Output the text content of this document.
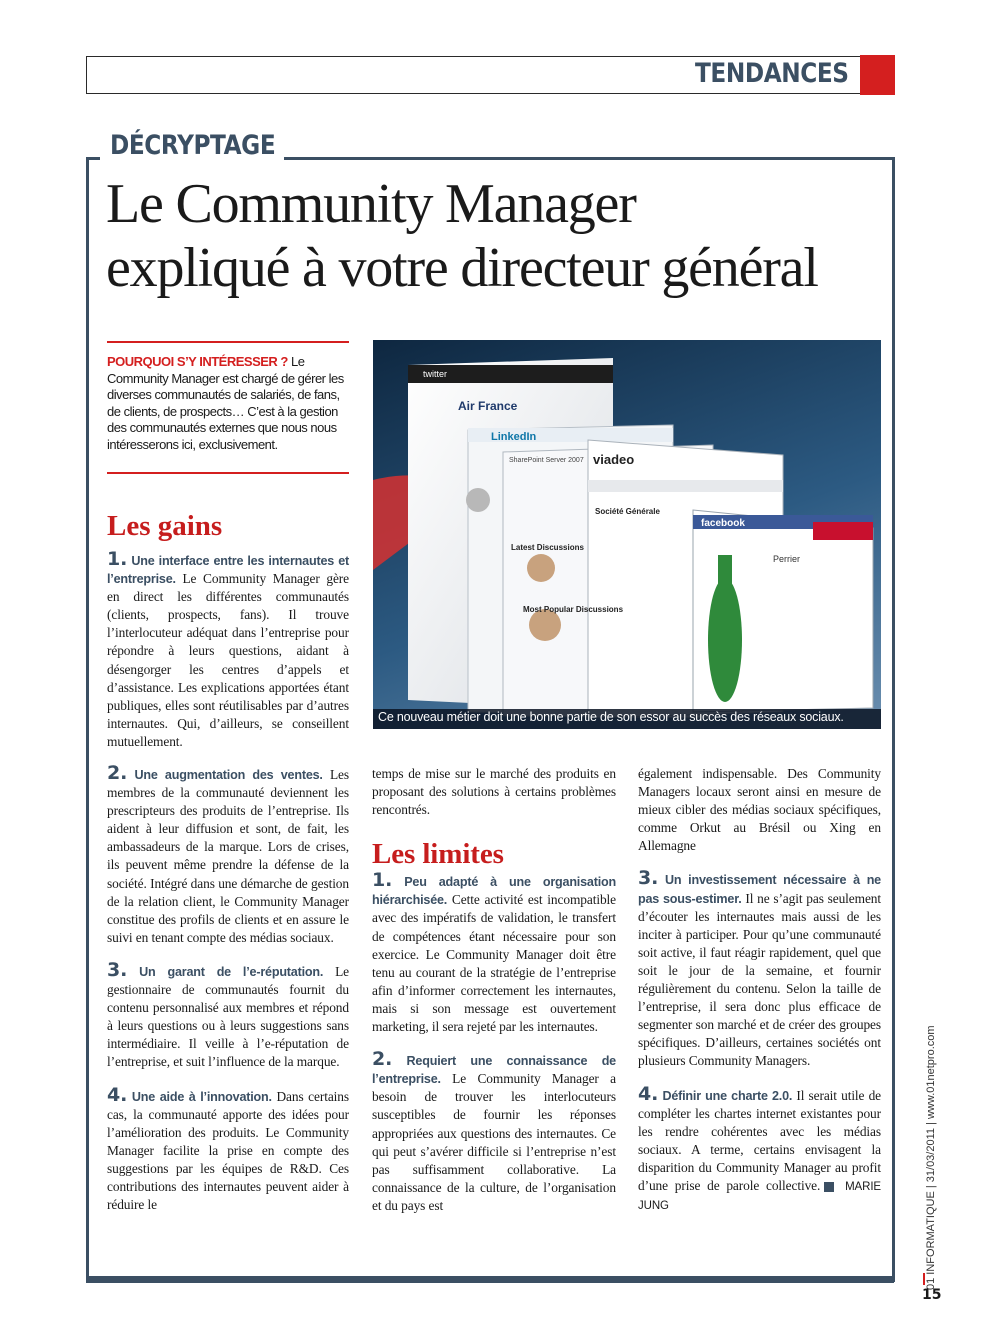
TENDANCES
DÉCRYPTAGE
Le Community Manager
expliqué à votre directeur général
POURQUOI S’Y INTÉRESSER ? Le Community Manager est chargé de gérer les diverses communautés de salariés, de fans, de clients, de prospects… C’est à la gestion des communautés externes que nous nous intéresserons ici, exclusivement.
twitter
Air France
LinkedIn
viadeo
facebook
SharePoint Server 2007
Perrier
Société Générale
Latest Discussions
Most Popular Discussions
Ce nouveau métier doit une bonne partie de son essor au succès des réseaux sociaux.
Les gains

1. Une interface entre les internautes et l’entreprise. Le Community Manager gère en direct les différentes communautés (clients, prospects, fans). Il trouve l’interlocuteur adéquat dans l’entreprise pour répondre à leurs questions, aidant à désengorger les centres d’appels et d’assistance. Les explications apportées étant publiques, elles sont réutilisables par d’autres internautes. Qui, d’ailleurs, se conseillent mutuellement.

2. Une augmentation des ventes. Les membres de la communauté deviennent les prescripteurs des produits de l’entreprise. Ils aident à leur diffusion et sont, de fait, les ambassadeurs de la marque. Lors de crises, ils peuvent même prendre la défense de la société. Intégré dans une démarche de gestion de la relation client, le Community Manager constitue des profils de clients et en assure le suivi en tenant compte des médias sociaux.

3. Un garant de l’e-réputation. Le gestionnaire de communautés fournit du contenu personnalisé aux membres et répond à leurs questions ou à leurs suggestions sans intermédiaire. Il veille à l’e-réputation de l’entreprise, et suit l’influence de la marque.

4. Une aide à l’innovation. Dans certains cas, la communauté apporte des idées pour l’amélioration des produits. Le Community Manager facilite la prise en compte des suggestions par les équipes de R&D. Ces contributions des internautes peuvent aider à réduire le

temps de mise sur le marché des produits en proposant des solutions à certains problèmes rencontrés.

Les limites

1. Peu adapté à une organisation hiérarchisée. Cette activité est incompatible avec des impératifs de validation, le transfert de compétences étant nécessaire pour son exercice. Le Community Manager doit être tenu au courant de la stratégie de l’entreprise afin d’informer correctement les internautes, mais si son message est ouvertement marketing, il sera rejeté par les internautes.

2. Requiert une connaissance de l’entreprise. Le Community Manager a besoin de trouver les interlocuteurs susceptibles de fournir les réponses appropriées aux questions des internautes. Ce qui peut s’avérer difficile si l’entreprise n’est pas suffisamment collaborative. La connaissance de la culture, de l’organisation et du pays est

également indispensable. Des Community Managers locaux seront ainsi en mesure de mieux cibler des médias sociaux spécifiques, comme Orkut au Brésil ou Xing en Allemagne

3. Un investissement nécessaire à ne pas sous-estimer. Il ne s’agit pas seulement d’écouter les internautes mais aussi de les inciter à participer. Pour qu’une communauté soit active, il faut réagir rapidement, quel que soit le jour de la semaine, et fournir régulièrement du contenu. Selon la taille de l’entreprise, il sera donc plus efficace de segmenter son marché et de créer des groupes spécifiques. D’ailleurs, certaines sociétés ont plusieurs Community Managers.

4. Définir une charte 2.0. Il serait utile de compléter les chartes internet existantes pour les rendre cohérentes avec les médias sociaux. A terme, certains envisagent la disparition du Community Manager au profit d’une prise de parole collective. MARIE JUNG	01 INFORMATIQUE | 31/03/2011 | www.01netpro.com
15
